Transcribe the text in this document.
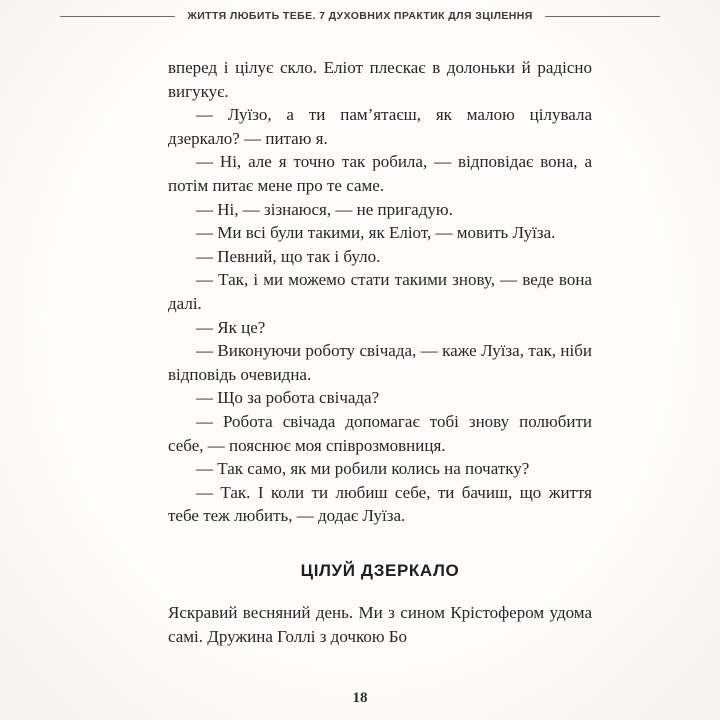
ЖИТТЯ ЛЮБИТЬ ТЕБЕ. 7 ДУХОВНИХ ПРАКТИК ДЛЯ ЗЦІЛЕННЯ

вперед і цілує скло. Еліот плескає в долоньки й радісно вигукує.

— Луїзо, а ти пам’ятаєш, як малою цілувала дзеркало? — питаю я.

— Ні, але я точно так робила, — відповідає вона, а потім питає мене про те саме.

— Ні, — зізнаюся, — не пригадую.

— Ми всі були такими, як Еліот, — мовить Луїза.

— Певний, що так і було.

— Так, і ми можемо стати такими знову, — веде вона далі.

— Як це?

— Виконуючи роботу свічада, — каже Луїза, так, ніби відповідь очевидна.

— Що за робота свічада?

— Робота свічада допомагає тобі знову полюбити себе, — пояснює моя співрозмовниця.

— Так само, як ми робили колись на початку?

— Так. І коли ти любиш себе, ти бачиш, що життя тебе теж любить, — додає Луїза.

ЦІЛУЙ ДЗЕРКАЛО

Яскравий весняний день. Ми з сином Крістофером удома самі. Дружина Голлі з дочкою Бо

18
